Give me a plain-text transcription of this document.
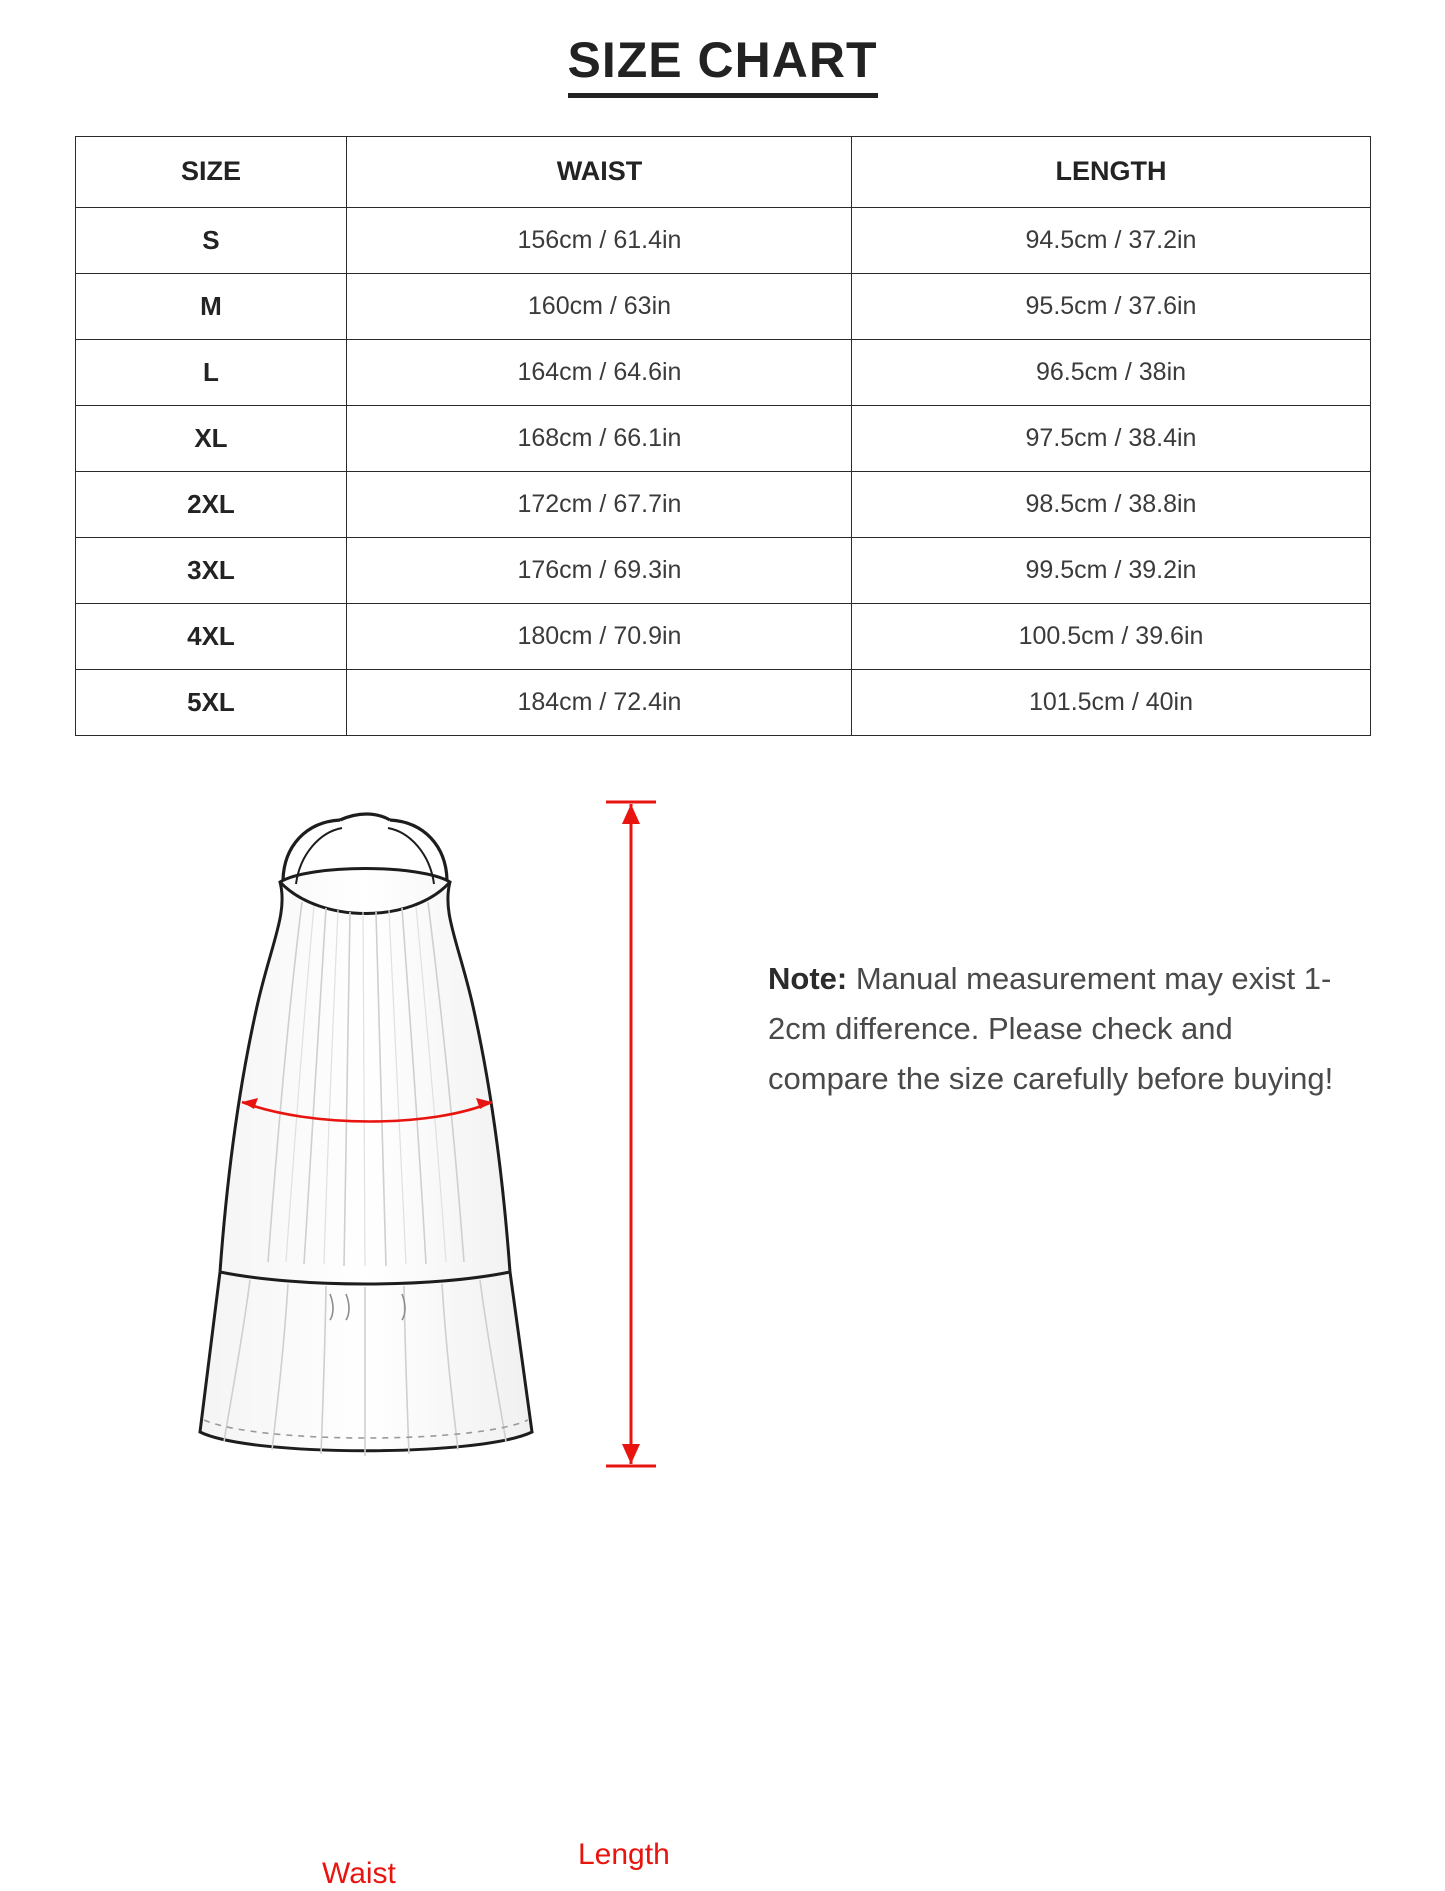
SIZE CHART
SIZE	WAIST	LENGTH
S	156cm / 61.4in	94.5cm / 37.2in
M	160cm / 63in	95.5cm / 37.6in
L	164cm / 64.6in	96.5cm / 38in
XL	168cm / 66.1in	97.5cm / 38.4in
2XL	172cm / 67.7in	98.5cm / 38.8in
3XL	176cm / 69.3in	99.5cm / 39.2in
4XL	180cm / 70.9in	100.5cm / 39.6in
5XL	184cm / 72.4in	101.5cm / 40in
Waist
Length
Note: Manual measurement may exist 1-2cm difference. Please check and compare the size carefully before buying!
